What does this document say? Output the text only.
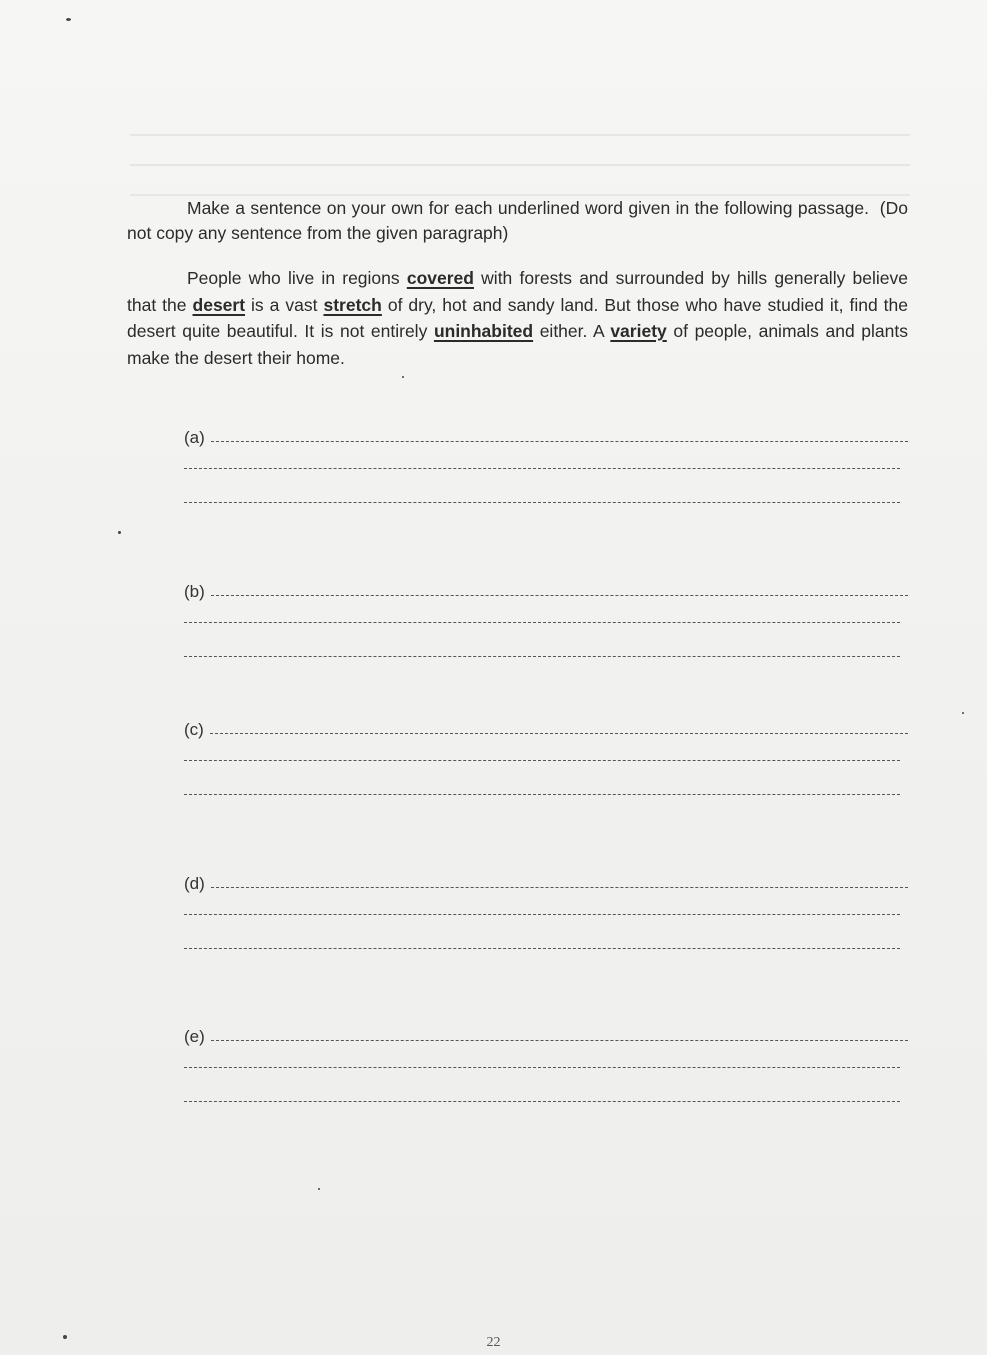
Make a sentence on your own for each underlined word given in the following passage. (Do not copy any sentence from the given paragraph)
People who live in regions covered with forests and surrounded by hills generally believe that the desert is a vast stretch of dry, hot and sandy land. But those who have studied it, find the desert quite beautiful. It is not entirely uninhabited either. A variety of people, animals and plants make the desert their home.
(a)
(b)
(c)
(d)
(e)
22
